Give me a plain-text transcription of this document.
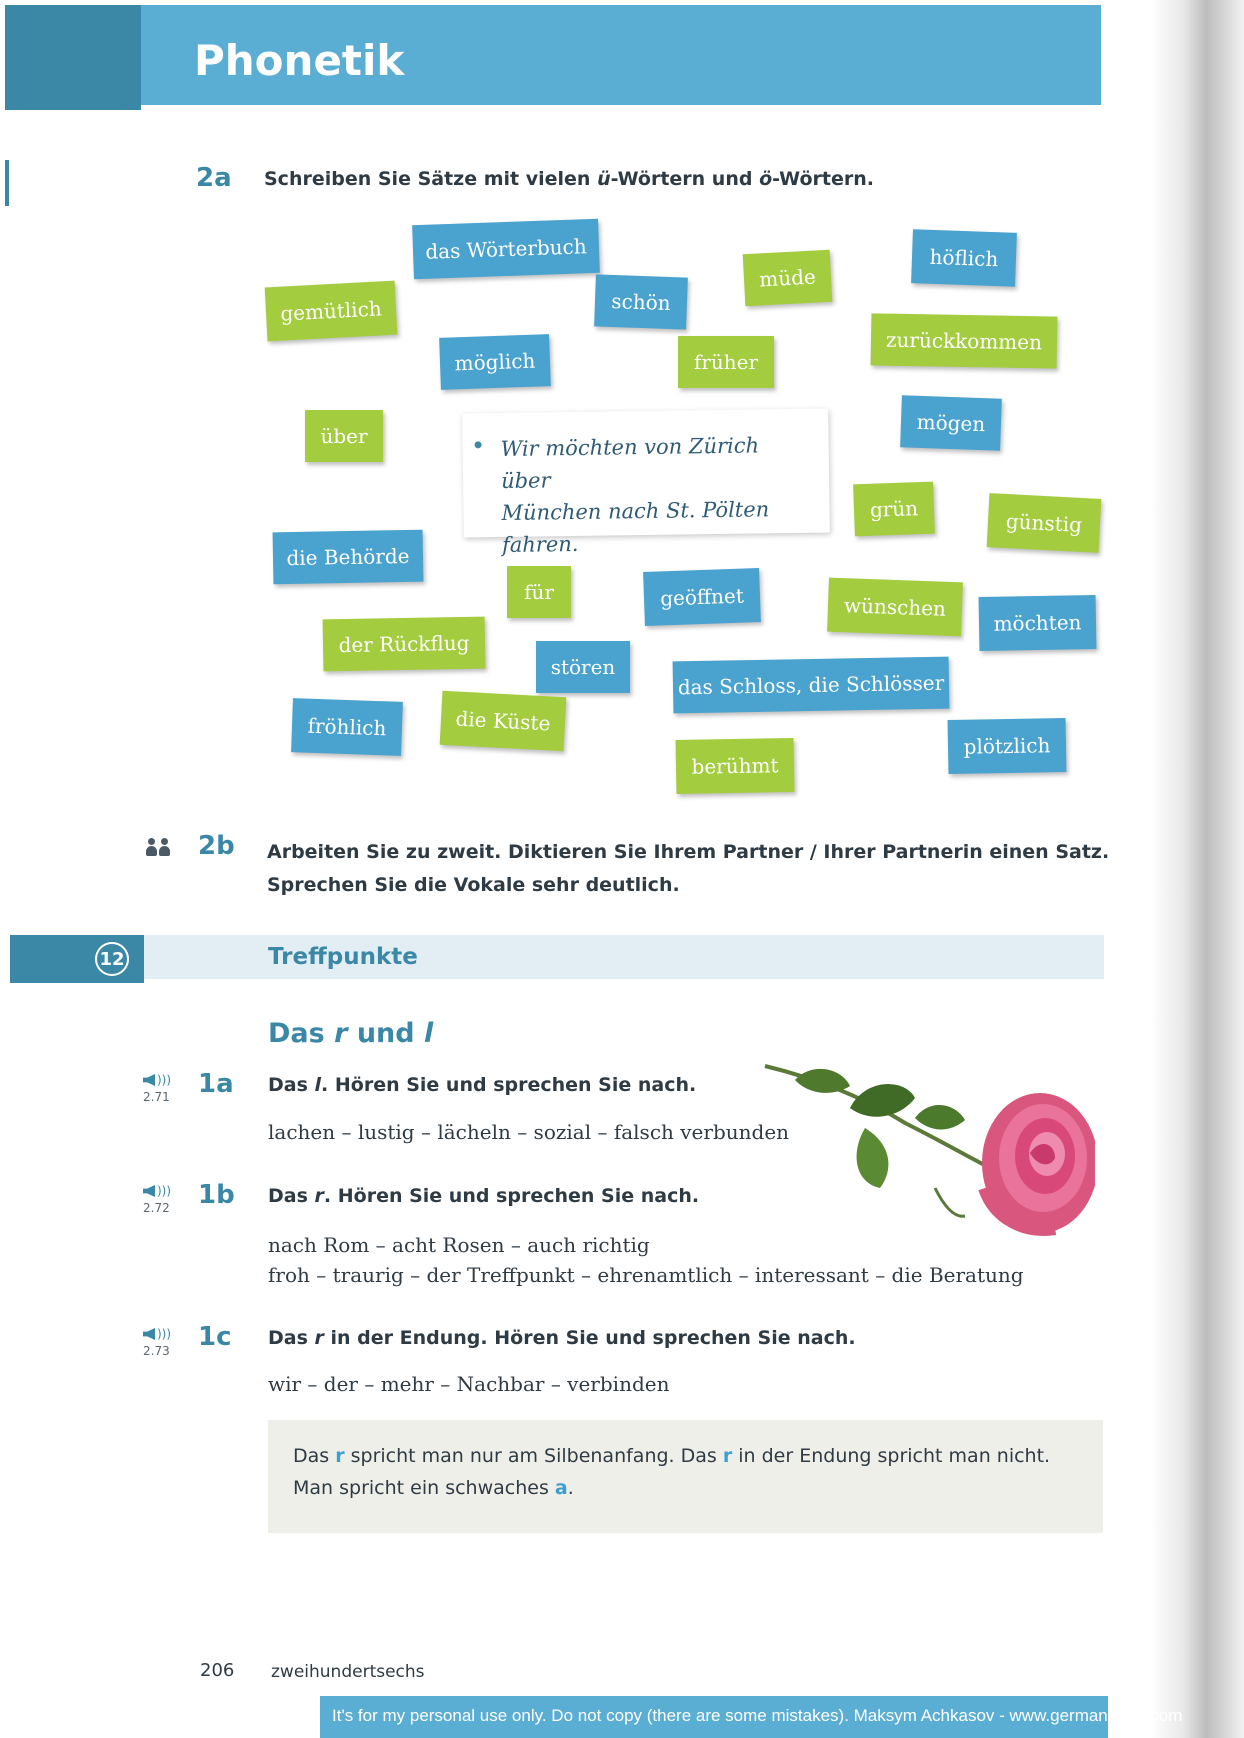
Phonetik
2a Schreiben Sie Sätze mit vielen ü-Wörtern und ö-Wörtern.
das Wörterbuch	höflich
gemütlich	schön
müde
möglich	früher
zurückkommen
mögen
über
grün
günstig
die Behörde
für	geöffnet	wünschen
möchten
der Rückflug
stören
das Schloss, die Schlösser
fröhlich	die Küste
berühmt
plötzlich
Wir möchten von Zürich über
München nach St. Pölten
fahren.
2b Arbeiten Sie zu zweit. Diktieren Sie Ihrem Partner / Ihrer Partnerin einen Satz.
Sprechen Sie die Vokale sehr deutlich.
12	Treffpunkte
Das r und l
)))
2.71 1a Das l. Hören Sie und sprechen Sie nach.
lachen – lustig – lächeln – sozial – falsch verbunden
)))
2.72 1b Das r. Hören Sie und sprechen Sie nach.
nach Rom – acht Rosen – auch richtig
froh – traurig – der Treffpunkt – ehrenamtlich – interessant – die Beratung
)))
2.73 1c Das r in der Endung. Hören Sie und sprechen Sie nach.
wir – der – mehr – Nachbar – verbinden
Das r spricht man nur am Silbenanfang. Das r in der Endung spricht man nicht.
Man spricht ein schwaches a.
206 zweihundertsechs
It's for my personal use only. Do not copy (there are some mistakes). Maksym Achkasov - www.german4real.com
